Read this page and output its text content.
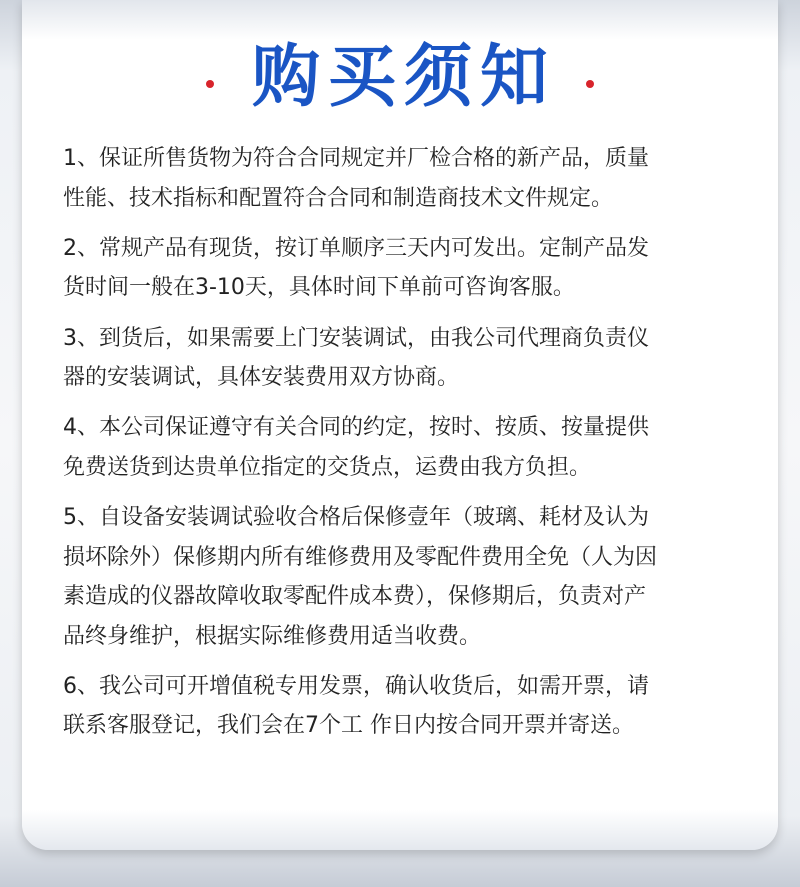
购买须知
1、保证所售货物为符合合同规定并厂检合格的新产品，质量
性能、技术指标和配置符合合同和制造商技术文件规定。
2、常规产品有现货，按订单顺序三天内可发出。定制产品发
货时间一般在3-10天，具体时间下单前可咨询客服。
3、到货后，如果需要上门安装调试，由我公司代理商负责仪
器的安装调试，具体安装费用双方协商。
4、本公司保证遵守有关合同的约定，按时、按质、按量提供
免费送货到达贵单位指定的交货点，运费由我方负担。
5、自设备安装调试验收合格后保修壹年（玻璃、耗材及认为
损坏除外）保修期内所有维修费用及零配件费用全免（人为因
素造成的仪器故障收取零配件成本费），保修期后，负责对产
品终身维护，根据实际维修费用适当收费。
6、我公司可开增值税专用发票，确认收货后，如需开票，请
联系客服登记，我们会在7个工 作日内按合同开票并寄送。
